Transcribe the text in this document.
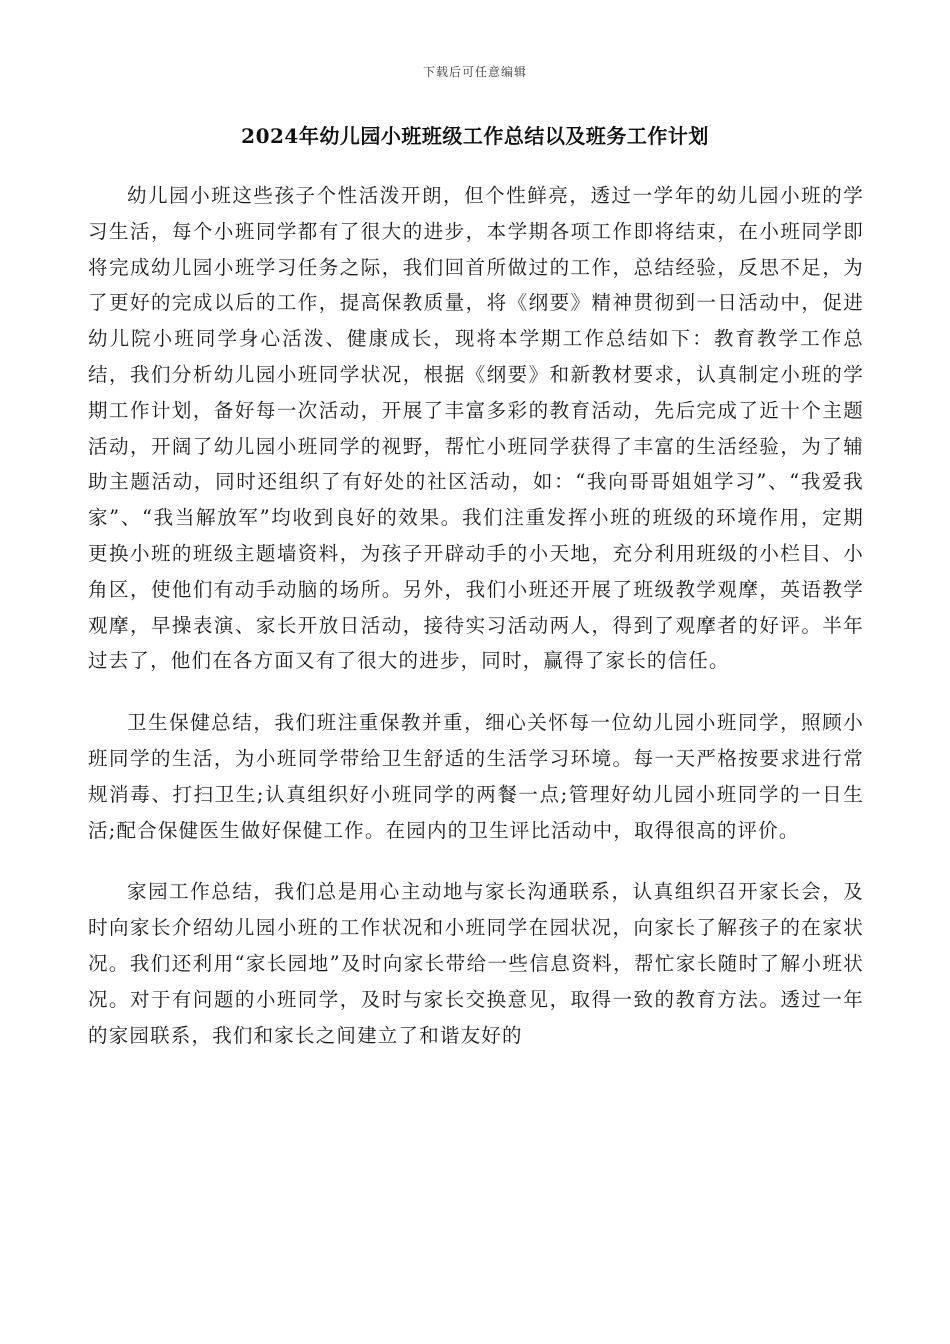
下载后可任意编辑
2024年幼儿园小班班级工作总结以及班务工作计划

幼儿园小班这些孩子个性活泼开朗，但个性鲜亮，透过一学年的幼儿园小班的学习生活，每个小班同学都有了很大的进步，本学期各项工作即将结束，在小班同学即将完成幼儿园小班学习任务之际，我们回首所做过的工作，总结经验，反思不足，为了更好的完成以后的工作，提高保教质量，将《纲要》精神贯彻到一日活动中，促进幼儿院小班同学身心活泼、健康成长，现将本学期工作总结如下：教育教学工作总结，我们分析幼儿园小班同学状况，根据《纲要》和新教材要求，认真制定小班的学期工作计划，备好每一次活动，开展了丰富多彩的教育活动，先后完成了近十个主题活动，开阔了幼儿园小班同学的视野，帮忙小班同学获得了丰富的生活经验，为了辅助主题活动，同时还组织了有好处的社区活动，如：“我向哥哥姐姐学习”、“我爱我家”、“我当解放军”均收到良好的效果。我们注重发挥小班的班级的环境作用，定期更换小班的班级主题墙资料，为孩子开辟动手的小天地，充分利用班级的小栏目、小角区，使他们有动手动脑的场所。另外，我们小班还开展了班级教学观摩，英语教学观摩，早操表演、家长开放日活动，接待实习活动两人，得到了观摩者的好评。半年过去了，他们在各方面又有了很大的进步，同时，赢得了家长的信任。

卫生保健总结，我们班注重保教并重，细心关怀每一位幼儿园小班同学，照顾小班同学的生活，为小班同学带给卫生舒适的生活学习环境。每一天严格按要求进行常规消毒、打扫卫生;认真组织好小班同学的两餐一点;管理好幼儿园小班同学的一日生活;配合保健医生做好保健工作。在园内的卫生评比活动中，取得很高的评价。

家园工作总结，我们总是用心主动地与家长沟通联系，认真组织召开家长会，及时向家长介绍幼儿园小班的工作状况和小班同学在园状况，向家长了解孩子的在家状况。我们还利用“家长园地”及时向家长带给一些信息资料，帮忙家长随时了解小班状况。对于有问题的小班同学，及时与家长交换意见，取得一致的教育方法。透过一年的家园联系，我们和家长之间建立了和谐友好的
